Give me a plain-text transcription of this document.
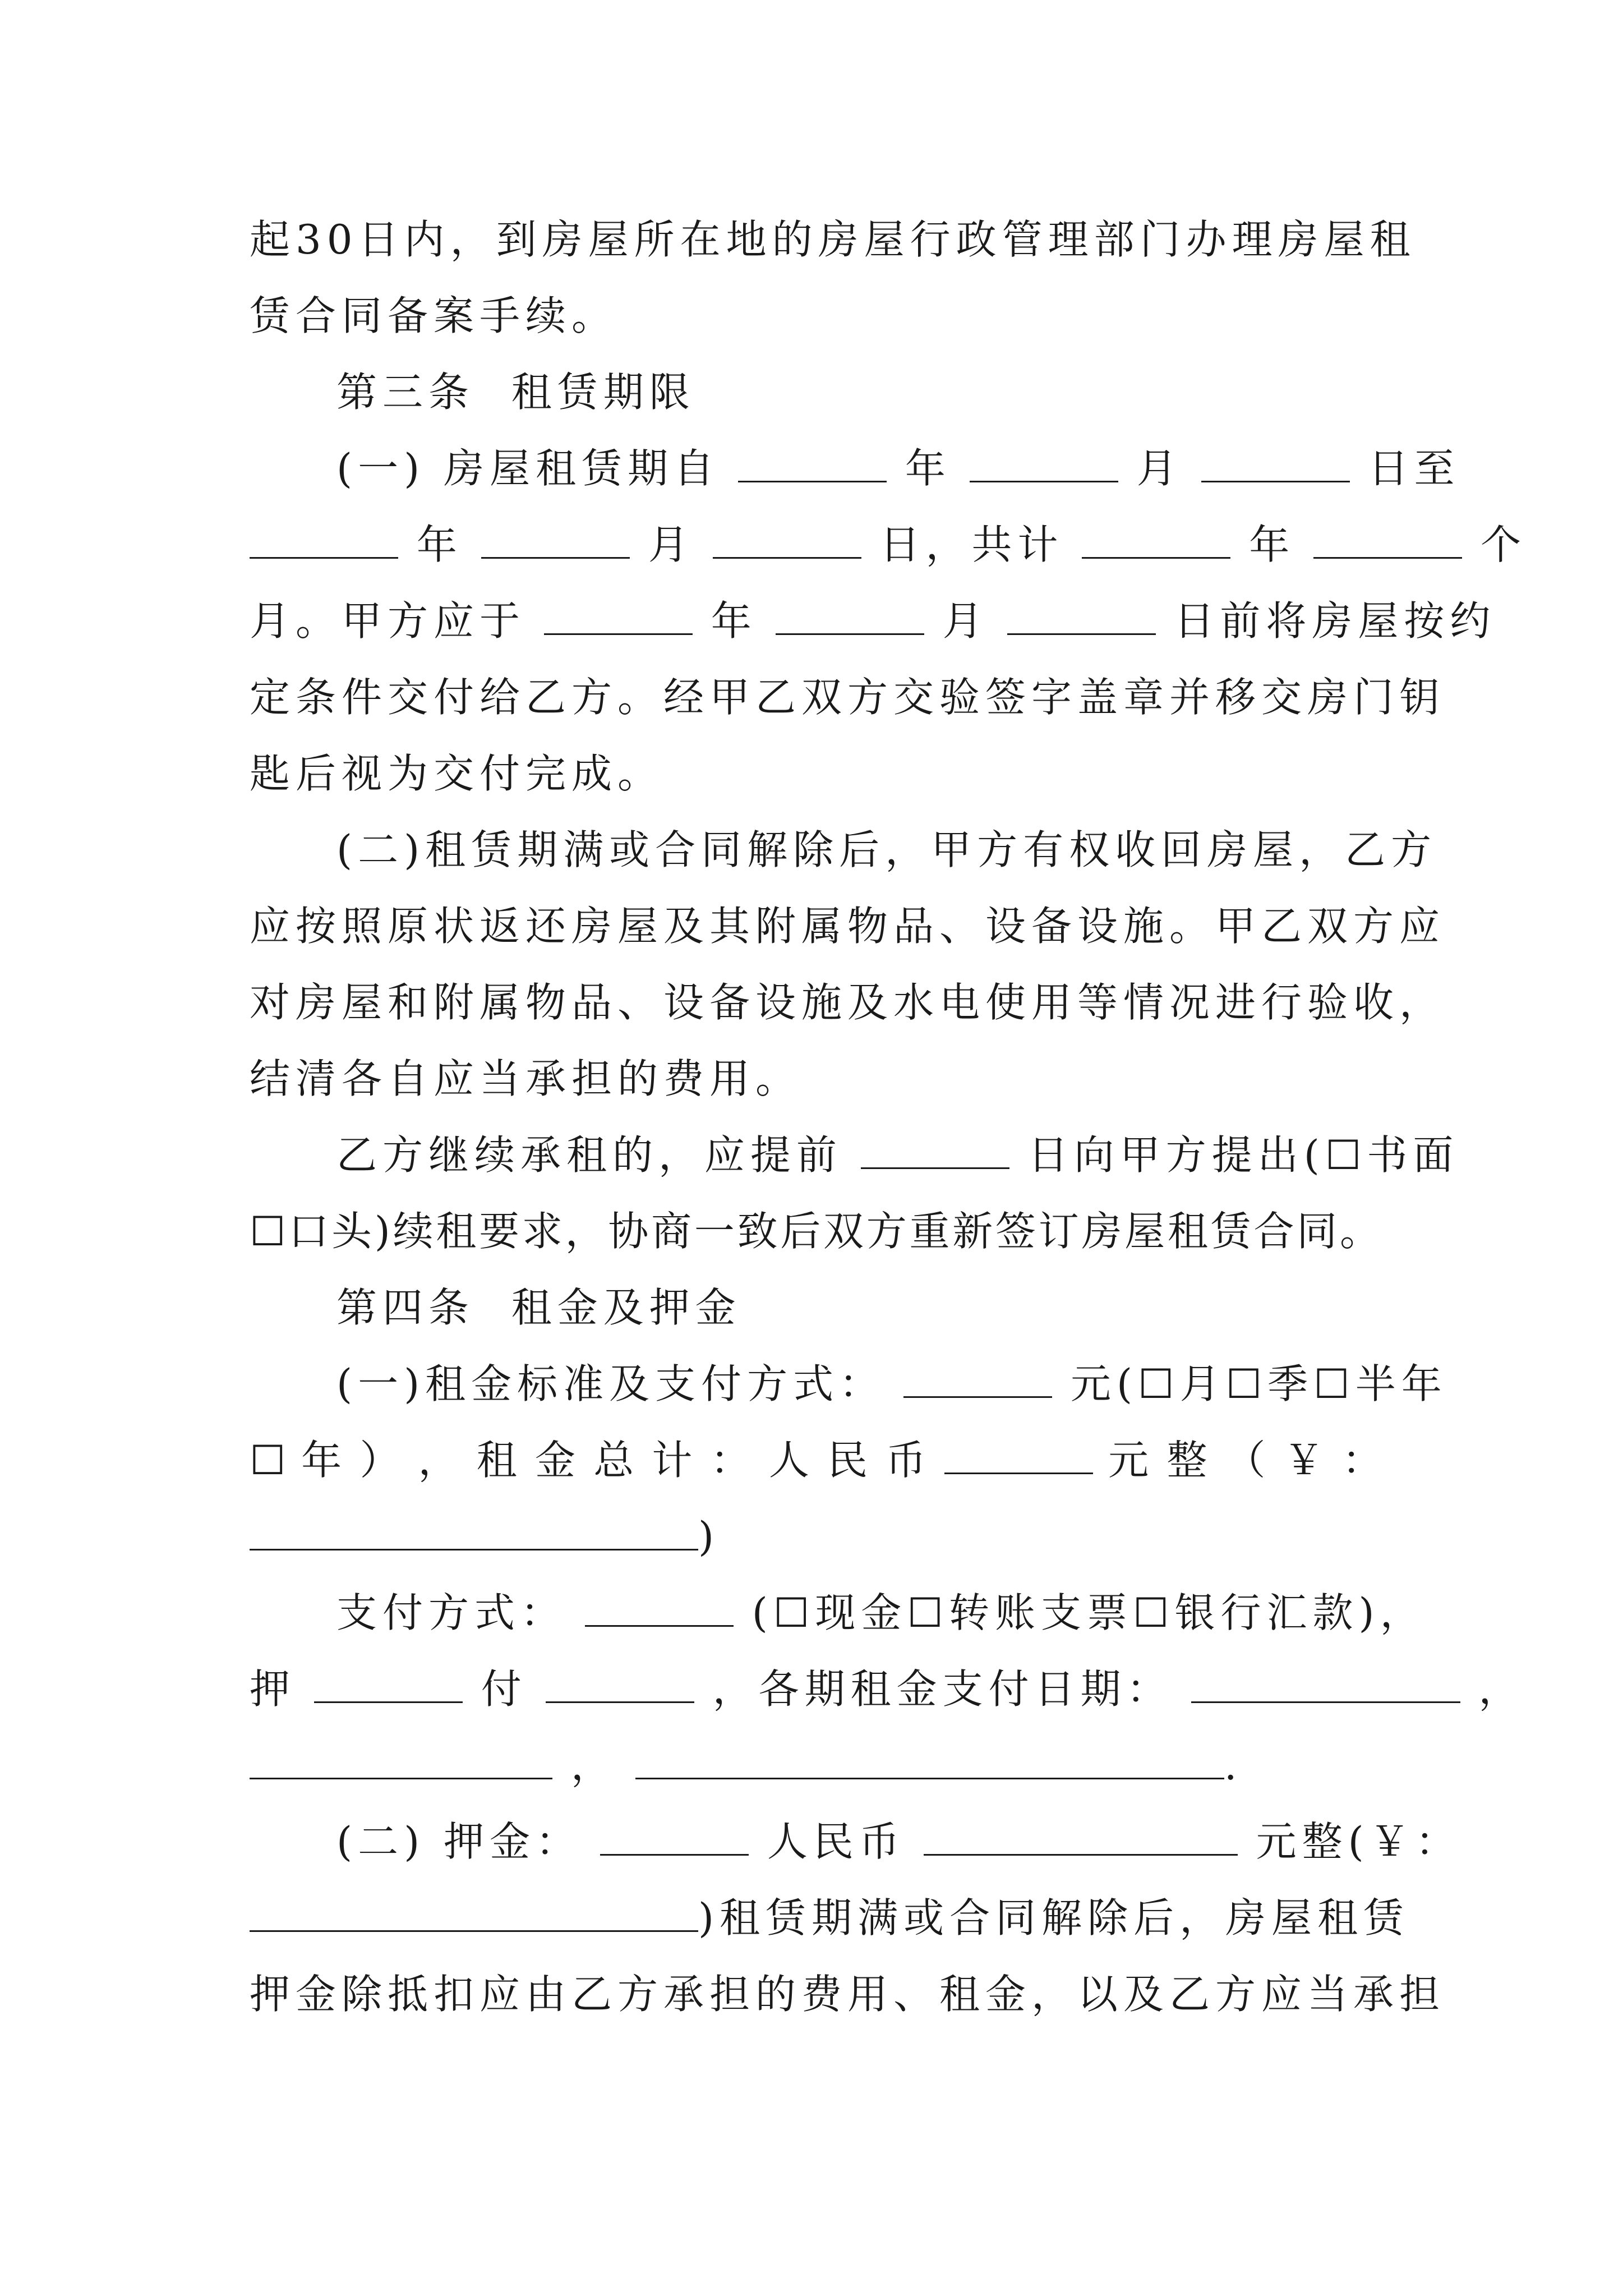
起30日内，到房屋所在地的房屋行政管理部门办理房屋租
赁合同备案手续。
第三条  租赁期限
(一) 房屋租赁期自	年	月	日至
年	月	日，共计	年	个
月。甲方应于	年	月	日前将房屋按约
定条件交付给乙方。经甲乙双方交验签字盖章并移交房门钥
匙后视为交付完成。
(二)租赁期满或合同解除后，甲方有权收回房屋，乙方
应按照原状返还房屋及其附属物品、设备设施。甲乙双方应
对房屋和附属物品、设备设施及水电使用等情况进行验收，
结清各自应当承担的费用。
乙方继续承租的，应提前	日向甲方提出(☐书面
☐口头)续租要求，协商一致后双方重新签订房屋租赁合同。
第四条  租金及押金
(一)租金标准及支付方式：	元(☐月☐季☐半年
☐ 年 ） ， 租 金 总 计 ： 人 民 币	元 整 （ ￥ ：
)
支付方式：	(☐现金☐转账支票☐银行汇款)，
押	付	，各期租金支付日期：	，
，	.
(二) 押金：	人民币	元整(￥：
)租赁期满或合同解除后，房屋租赁
押金除抵扣应由乙方承担的费用、租金，以及乙方应当承担
